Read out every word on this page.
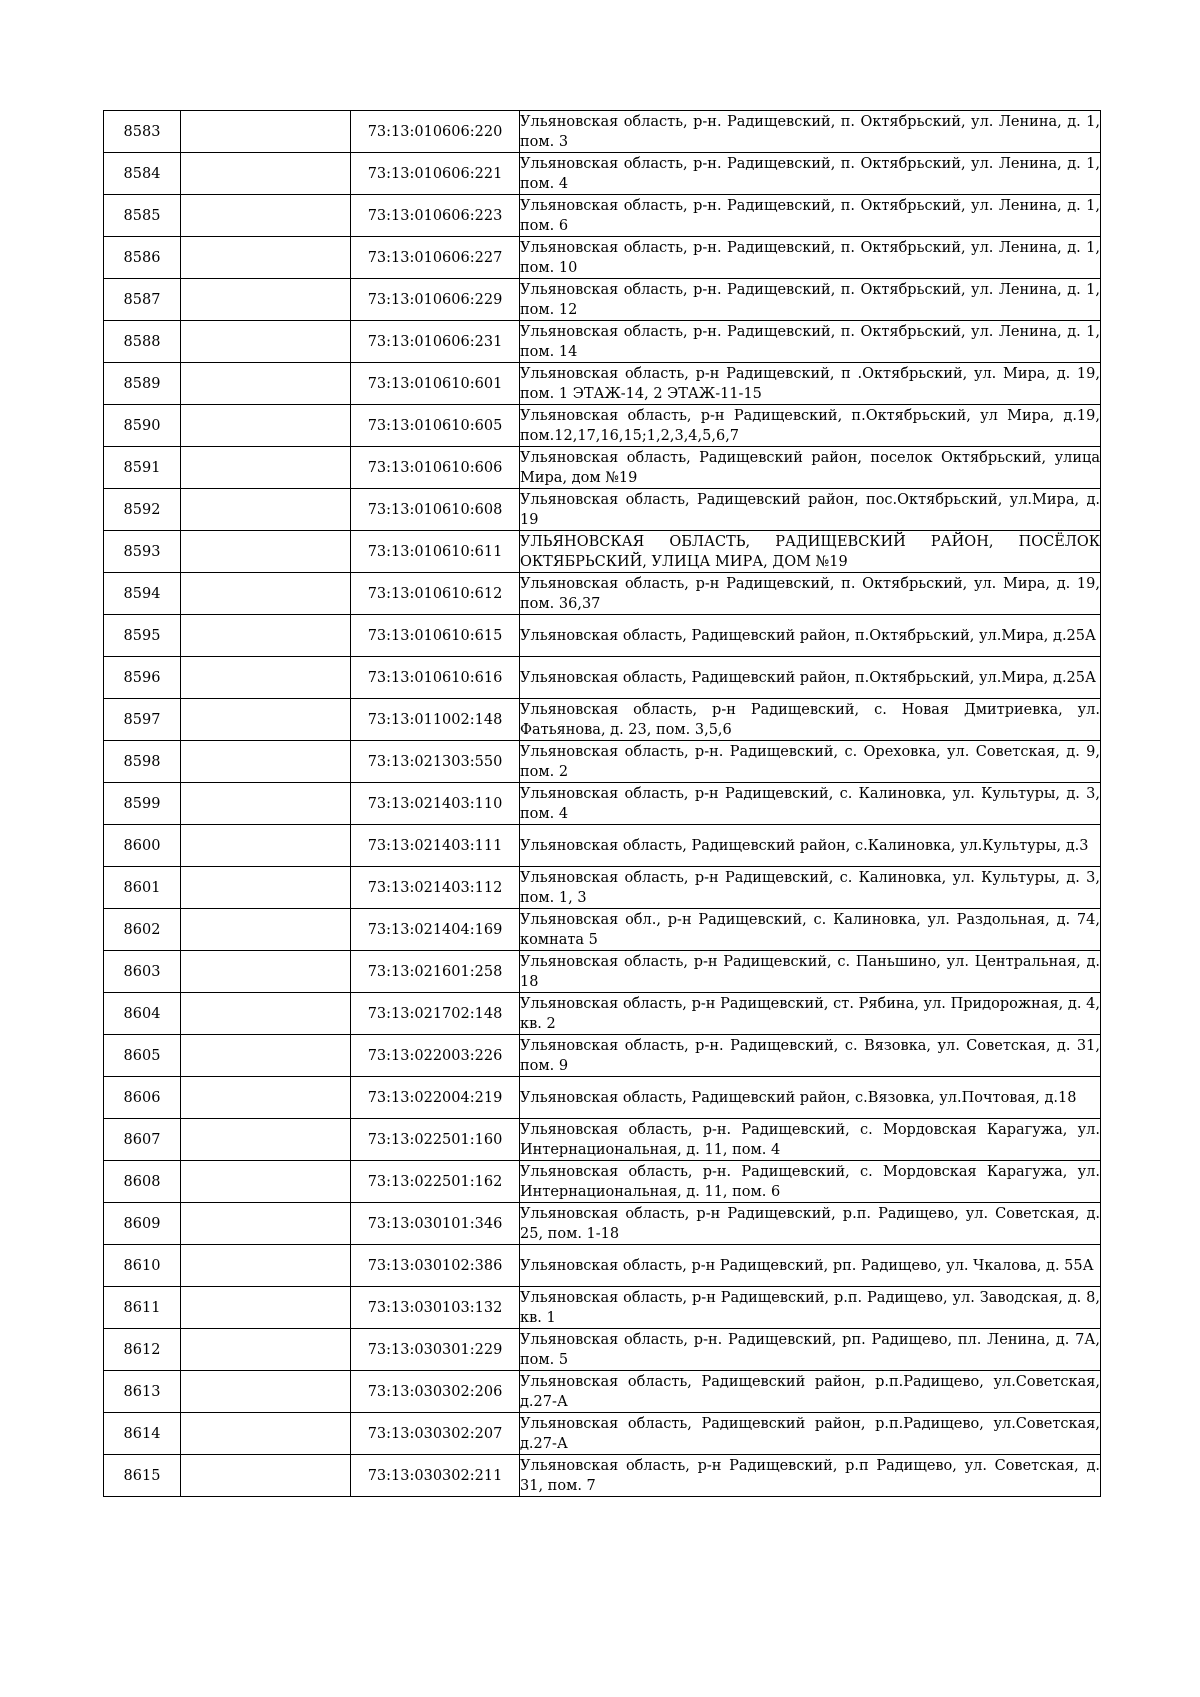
8583		73:13:010606:220	Ульяновская область, р-н. Радищевский, п. Октябрьский, ул. Ленина, д. 1, пом. 3

8584		73:13:010606:221	Ульяновская область, р-н. Радищевский, п. Октябрьский, ул. Ленина, д. 1, пом. 4

8585		73:13:010606:223	Ульяновская область, р-н. Радищевский, п. Октябрьский, ул. Ленина, д. 1, пом. 6

8586		73:13:010606:227	Ульяновская область, р-н. Радищевский, п. Октябрьский, ул. Ленина, д. 1, пом. 10

8587		73:13:010606:229	Ульяновская область, р-н. Радищевский, п. Октябрьский, ул. Ленина, д. 1, пом. 12

8588		73:13:010606:231	Ульяновская область, р-н. Радищевский, п. Октябрьский, ул. Ленина, д. 1, пом. 14

8589		73:13:010610:601	Ульяновская область, р-н Радищевский, п .Октябрьский, ул. Мира, д. 19, пом. 1 ЭТАЖ-14, 2 ЭТАЖ-11-15

8590		73:13:010610:605	Ульяновская область, р-н Радищевский, п.Октябрьский, ул Мира, д.19, пом.12,17,16,15;1,2,3,4,5,6,7

8591		73:13:010610:606	Ульяновская область, Радищевский район, поселок Октябрьский, улица Мира, дом №19

8592		73:13:010610:608	Ульяновская область, Радищевский район, пос.Октябрьский, ул.Мира, д. 19

8593		73:13:010610:611	УЛЬЯНОВСКАЯ ОБЛАСТЬ, РАДИЩЕВСКИЙ РАЙОН, ПОСЁЛОК ОКТЯБРЬСКИЙ, УЛИЦА МИРА, ДОМ №19

8594		73:13:010610:612	Ульяновская область, р-н Радищевский, п. Октябрьский, ул. Мира, д. 19, пом. 36,37

8595		73:13:010610:615	Ульяновская область, Радищевский район, п.Октябрьский, ул.Мира, д.25А

8596		73:13:010610:616	Ульяновская область, Радищевский район, п.Октябрьский, ул.Мира, д.25А

8597		73:13:011002:148	Ульяновская область, р-н Радищевский, с. Новая Дмитриевка, ул. Фатьянова, д. 23, пом. 3,5,6

8598		73:13:021303:550	Ульяновская область, р-н. Радищевский, с. Ореховка, ул. Советская, д. 9, пом. 2

8599		73:13:021403:110	Ульяновская область, р-н Радищевский, с. Калиновка, ул. Культуры, д. 3, пом. 4

8600		73:13:021403:111	Ульяновская область, Радищевский район, с.Калиновка, ул.Культуры, д.3

8601		73:13:021403:112	Ульяновская область, р-н Радищевский, с. Калиновка, ул. Культуры, д. 3, пом. 1, 3

8602		73:13:021404:169	Ульяновская обл., р-н Радищевский, с. Калиновка, ул. Раздольная, д. 74, комната 5

8603		73:13:021601:258	Ульяновская область, р-н Радищевский, с. Паньшино, ул. Центральная, д. 18

8604		73:13:021702:148	Ульяновская область, р-н Радищевский, ст. Рябина, ул. Придорожная, д. 4, кв. 2

8605		73:13:022003:226	Ульяновская область, р-н. Радищевский, с. Вязовка, ул. Советская, д. 31, пом. 9

8606		73:13:022004:219	Ульяновская область, Радищевский район, с.Вязовка, ул.Почтовая, д.18

8607		73:13:022501:160	Ульяновская область, р-н. Радищевский, с. Мордовская Карагужа, ул. Интернациональная, д. 11, пом. 4

8608		73:13:022501:162	Ульяновская область, р-н. Радищевский, с. Мордовская Карагужа, ул. Интернациональная, д. 11, пом. 6

8609		73:13:030101:346	Ульяновская область, р-н Радищевский, р.п. Радищево, ул. Советская, д. 25, пом. 1-18

8610		73:13:030102:386	Ульяновская область, р-н Радищевский, рп. Радищево, ул. Чкалова, д. 55А

8611		73:13:030103:132	Ульяновская область, р-н Радищевский, р.п. Радищево, ул. Заводская, д. 8, кв. 1

8612		73:13:030301:229	Ульяновская область, р-н. Радищевский, рп. Радищево, пл. Ленина, д. 7А, пом. 5

8613		73:13:030302:206	Ульяновская область, Радищевский район, р.п.Радищево, ул.Советская, д.27-А

8614		73:13:030302:207	Ульяновская область, Радищевский район, р.п.Радищево, ул.Советская, д.27-А

8615		73:13:030302:211	Ульяновская область, р-н Радищевский, р.п Радищево, ул. Советская, д. 31, пом. 7
